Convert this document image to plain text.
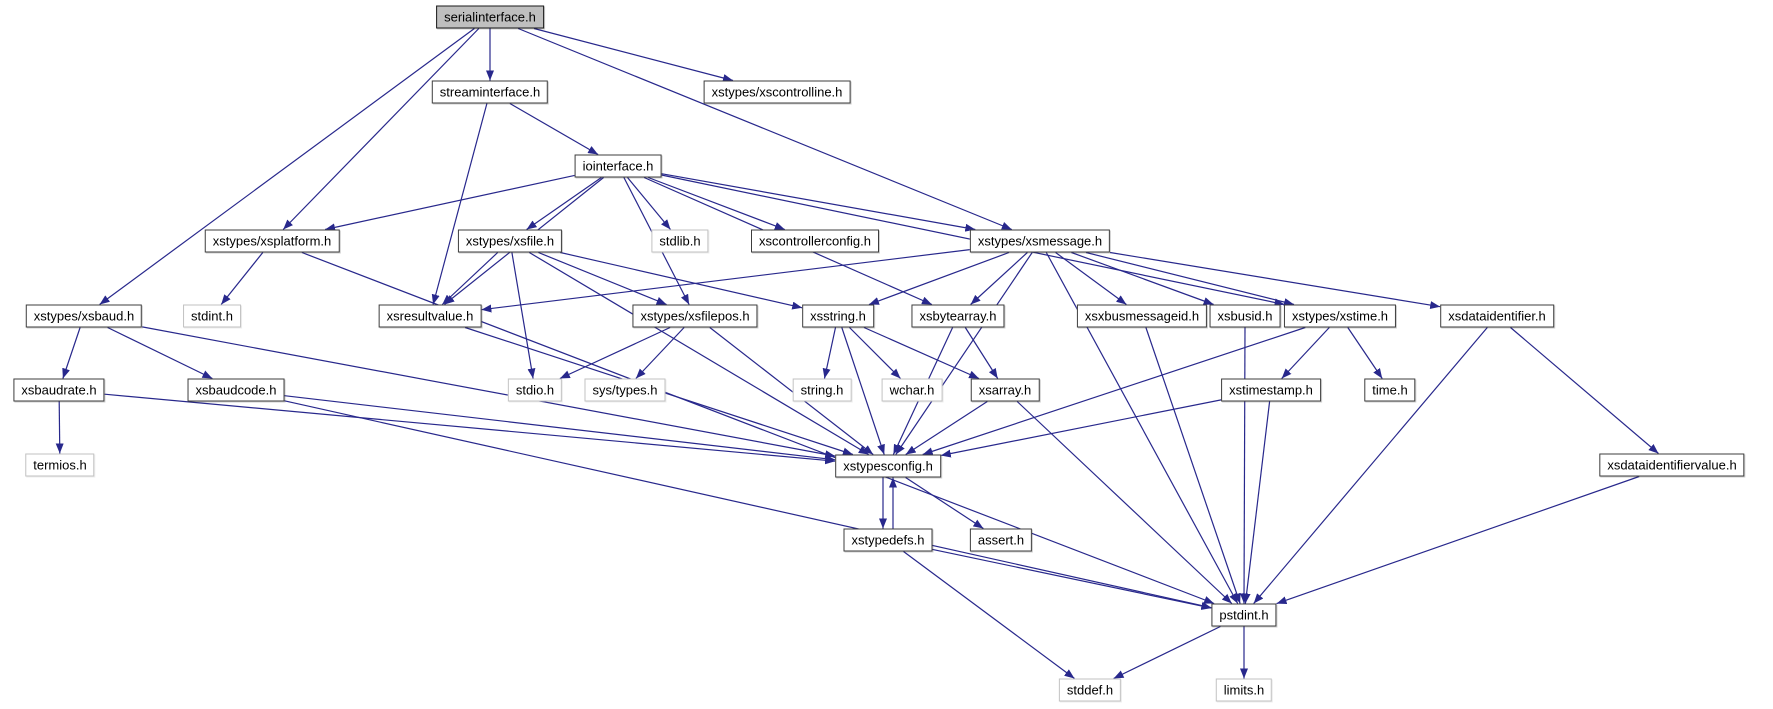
serialinterface.h
streaminterface.h	xstypes/xscontrolline.h
iointerface.h
xstypes/xsplatform.h	xstypes/xsfile.h	stdlib.h	xscontrollerconfig.h	xstypes/xsmessage.h
xstypes/xsbaud.h	stdint.h	xsresultvalue.h	xstypes/xsfilepos.h	xsstring.h	xsbytearray.h	xsxbusmessageid.h	xsbusid.h	xstypes/xstime.h	xsdataidentifier.h
xsbaudrate.h	xsbaudcode.h	stdio.h	sys/types.h	string.h	wchar.h	xsarray.h	xstimestamp.h	time.h
termios.h	xstypesconfig.h	xsdataidentifiervalue.h
xstypedefs.h	assert.h
pstdint.h
stddef.h	limits.h
